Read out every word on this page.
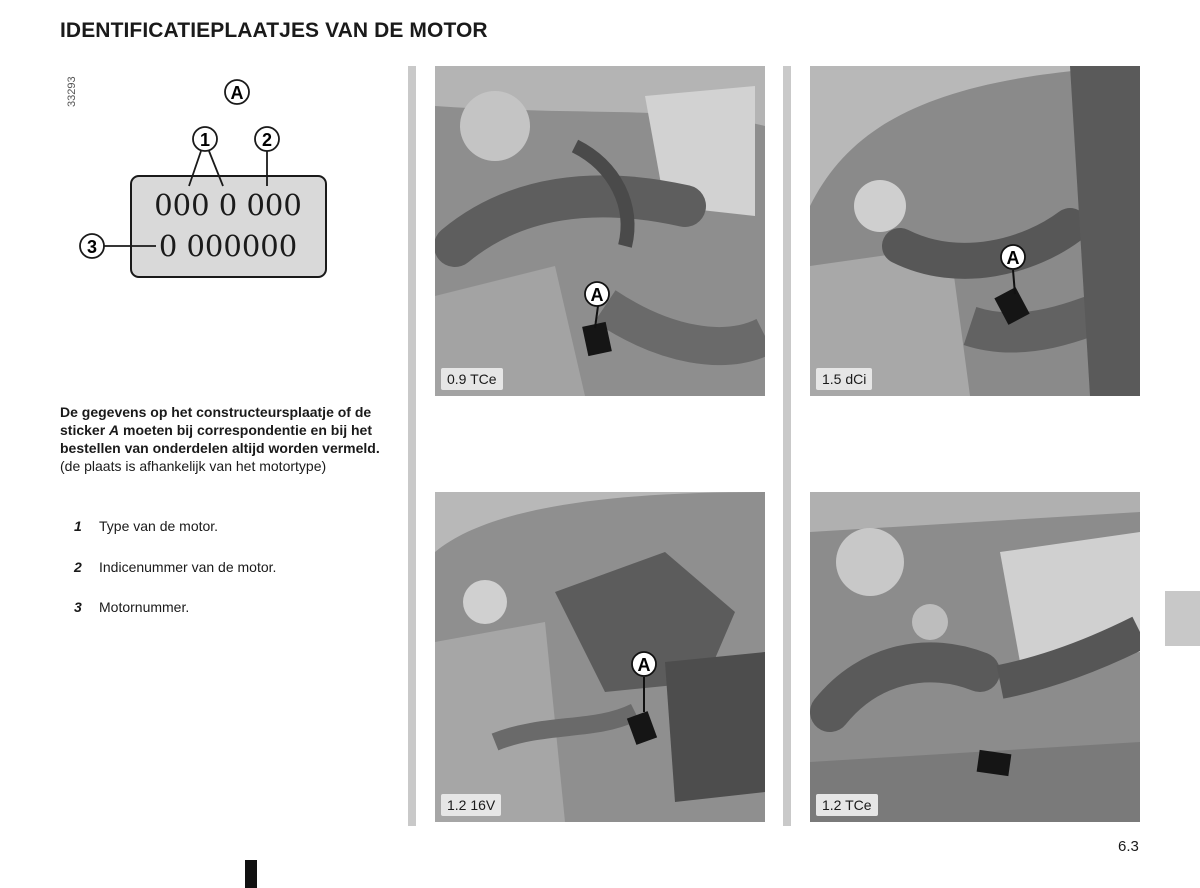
IDENTIFICATIEPLAATJES VAN DE MOTOR
33293	A
1	2
3
000 0 000
0 000000
De gegevens op het constructeursplaatje of de sticker A moeten bij correspondentie en bij het bestellen van onderdelen altijd worden vermeld.
(de plaats is afhankelijk van het motortype)
1 Type van de motor.
2 Indicenummer van de motor.
3 Motornummer.
A
0.9 TCe
A
1.5 dCi
A
1.2 16V	1.2 TCe
6.3
